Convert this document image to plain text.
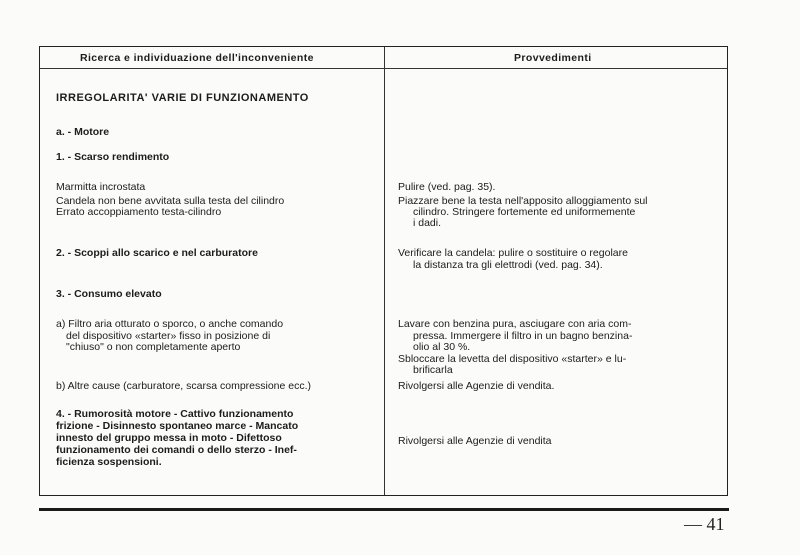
Ricerca e individuazione dell'inconveniente	Provvedimenti
IRREGOLARITA' VARIE DI FUNZIONAMENTO
a. - Motore
1. - Scarso rendimento
Marmitta incrostata
Candela non bene avvitata sulla testa del cilindro
Errato accoppiamento testa-cilindro
2. - Scoppi allo scarico e nel carburatore
3. - Consumo elevato
a) Filtro aria otturato o sporco, o anche comando
del dispositivo «starter» fisso in posizione di
"chiuso" o non completamente aperto
b) Altre cause (carburatore, scarsa compressione ecc.)
4. - Rumorosità motore - Cattivo funzionamento
frizione - Disinnesto spontaneo marce - Mancato
innesto del gruppo messa in moto - Difettoso
funzionamento dei comandi o dello sterzo - Inef-
ficienza sospensioni.
Pulire (ved. pag. 35).
Piazzare bene la testa nell'apposito alloggiamento sul
cilindro. Stringere fortemente ed uniformemente
i dadi.
Verificare la candela: pulire o sostituire o regolare
la distanza tra gli elettrodi (ved. pag. 34).
Lavare con benzina pura, asciugare con aria com-
pressa. Immergere il filtro in un bagno benzina-
olio al 30 %.
Sbloccare la levetta del dispositivo «starter» e lu-
brificarla
Rivolgersi alle Agenzie di vendita.
Rivolgersi alle Agenzie di vendita
— 41
